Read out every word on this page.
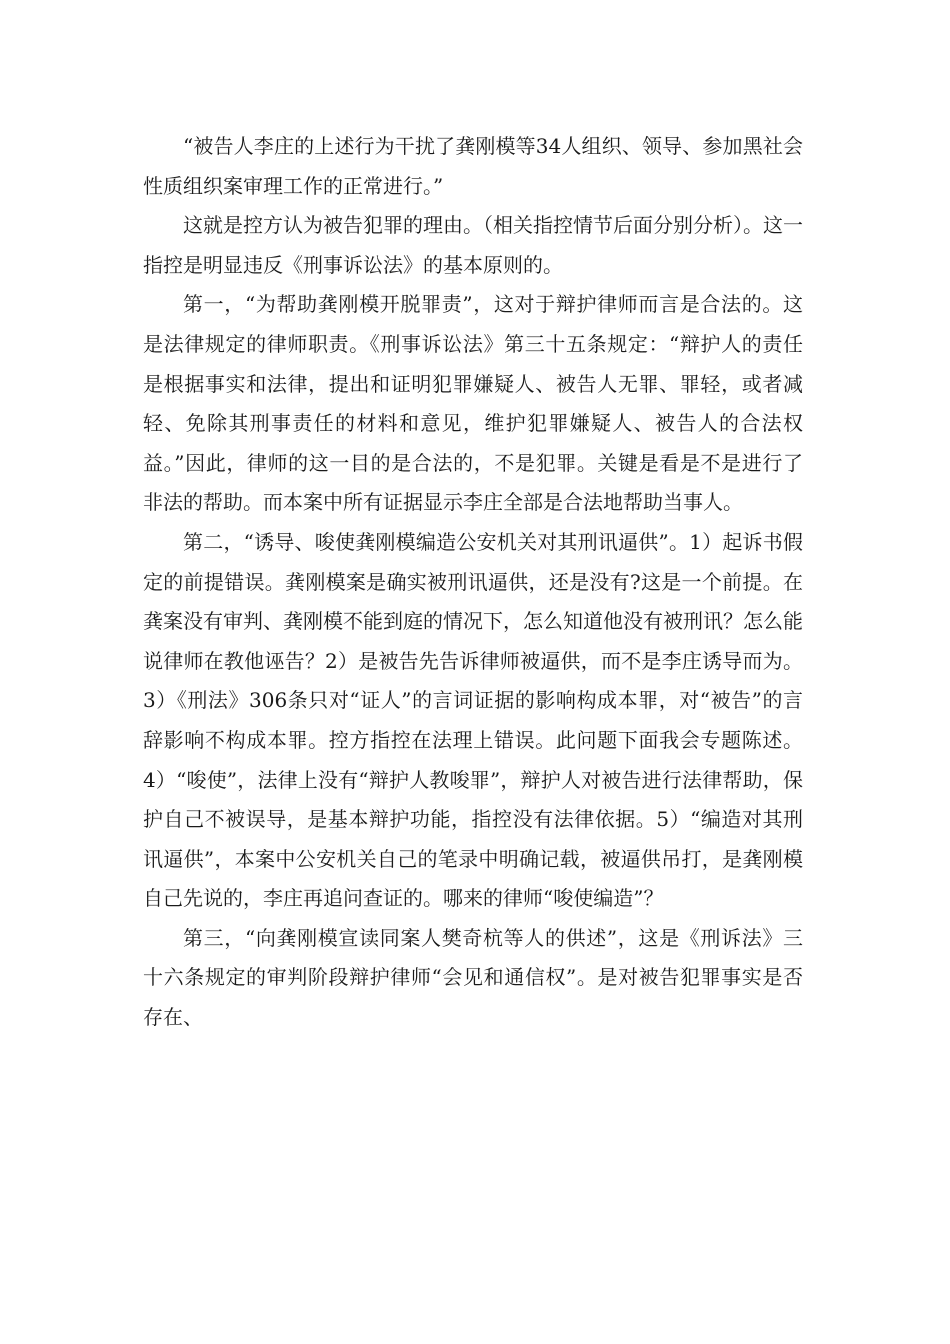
“被告人李庄的上述行为干扰了龚刚模等34人组织、领导、参加黑社会性质组织案审理工作的正常进行。”

这就是控方认为被告犯罪的理由。（相关指控情节后面分别分析）。这一指控是明显违反《刑事诉讼法》的基本原则的。

第一，“为帮助龚刚模开脱罪责”，这对于辩护律师而言是合法的。这是法律规定的律师职责。《刑事诉讼法》第三十五条规定：“辩护人的责任是根据事实和法律，提出和证明犯罪嫌疑人、被告人无罪、罪轻，或者减轻、免除其刑事责任的材料和意见，维护犯罪嫌疑人、被告人的合法权益。”因此，律师的这一目的是合法的，不是犯罪。关键是看是不是进行了非法的帮助。而本案中所有证据显示李庄全部是合法地帮助当事人。

第二，“诱导、唆使龚刚模编造公安机关对其刑讯逼供”。1）起诉书假定的前提错误。龚刚模案是确实被刑讯逼供，还是没有?这是一个前提。在龚案没有审判、龚刚模不能到庭的情况下，怎么知道他没有被刑讯？怎么能说律师在教他诬告？2）是被告先告诉律师被逼供，而不是李庄诱导而为。3）《刑法》306条只对“证人”的言词证据的影响构成本罪，对“被告”的言辞影响不构成本罪。控方指控在法理上错误。此问题下面我会专题陈述。4）“唆使”，法律上没有“辩护人教唆罪”，辩护人对被告进行法律帮助，保护自己不被误导，是基本辩护功能，指控没有法律依据。5）“编造对其刑讯逼供”，本案中公安机关自己的笔录中明确记载，被逼供吊打，是龚刚模自己先说的，李庄再追问查证的。哪来的律师“唆使编造”？

第三，“向龚刚模宣读同案人樊奇杭等人的供述”，这是《刑诉法》三十六条规定的审判阶段辩护律师“会见和通信权”。是对被告犯罪事实是否存在、
